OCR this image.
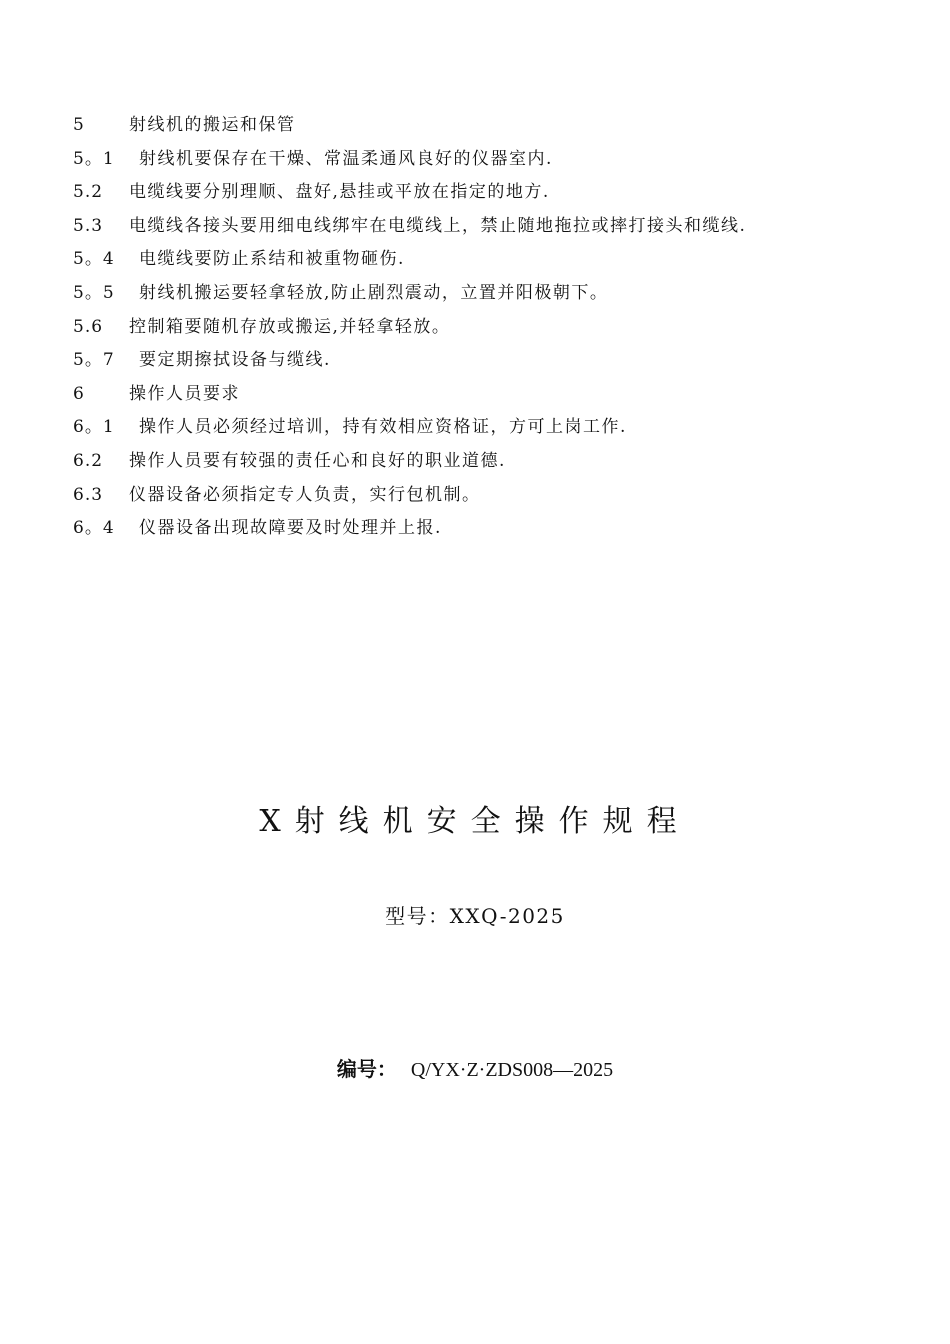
5	射线机的搬运和保管
5。1	射线机要保存在干燥、常温柔通风良好的仪器室内.
5.2	电缆线要分别理顺、盘好,悬挂或平放在指定的地方.
5.3	电缆线各接头要用细电线绑牢在电缆线上，禁止随地拖拉或摔打接头和缆线.
5。4	电缆线要防止系结和被重物砸伤.
5。5	射线机搬运要轻拿轻放,防止剧烈震动，立置并阳极朝下。
5.6	控制箱要随机存放或搬运,并轻拿轻放。
5。7	要定期擦拭设备与缆线.
6	操作人员要求
6。1	操作人员必须经过培训，持有效相应资格证，方可上岗工作.
6.2	操作人员要有较强的责任心和良好的职业道德.
6.3	仪器设备必须指定专人负责，实行包机制。
6。4	仪器设备出现故障要及时处理并上报.
X射线机安全操作规程
型号：XXQ-2025
编号： Q/YX·Z·ZDS008—2025
